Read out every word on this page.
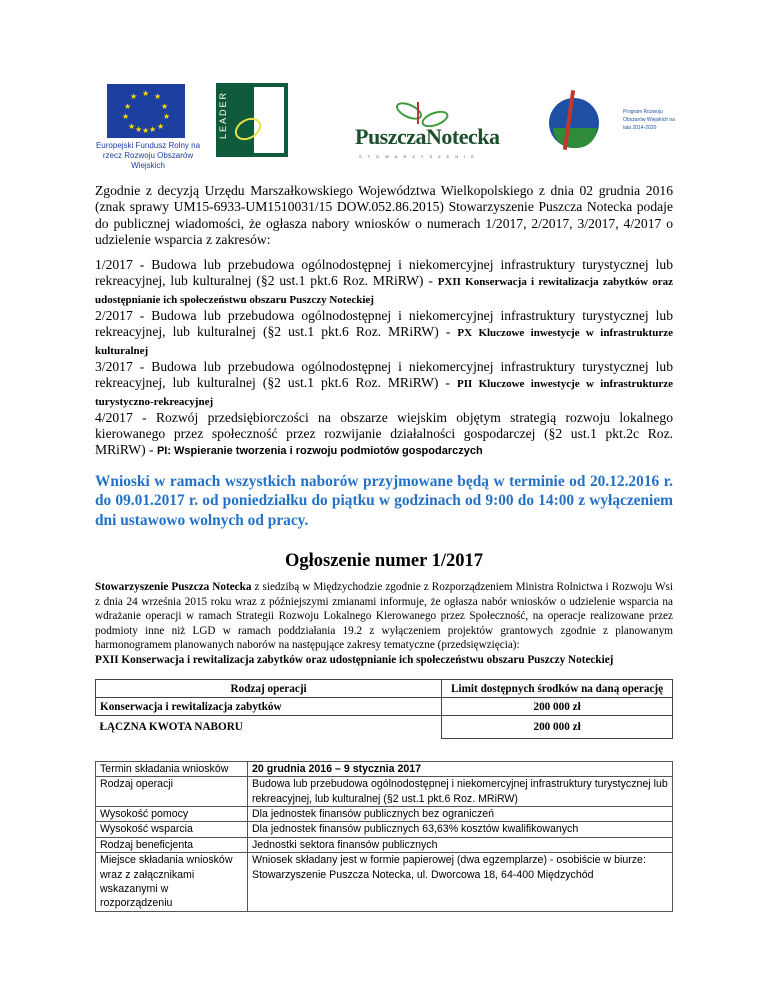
★ ★
★
★
★
★
★
★
★
★
★
★
Europejski Fundusz Rolny na rzecz Rozwoju Obszarów Wiejskich
LEADER	PuszczaNotecka
STOWARZYSZENIE
Program Rozwoju Obszarów Wiejskich na lata 2014-2020
Zgodnie z decyzją Urzędu Marszałkowskiego Województwa Wielkopolskiego z dnia 02 grudnia 2016 (znak sprawy UM15-6933-UM1510031/15 DOW.052.86.2015) Stowarzyszenie Puszcza Notecka podaje do publicznej wiadomości, że ogłasza nabory wniosków o numerach 1/2017, 2/2017, 3/2017, 4/2017 o udzielenie wsparcia z zakresów:
1/2017 - Budowa lub przebudowa ogólnodostępnej i niekomercyjnej infrastruktury turystycznej lub rekreacyjnej, lub kulturalnej (§2 ust.1 pkt.6 Roz. MRiRW) - PXII Konserwacja i rewitalizacja zabytków oraz udostępnianie ich społeczeństwu obszaru Puszczy Noteckiej
2/2017 - Budowa lub przebudowa ogólnodostępnej i niekomercyjnej infrastruktury turystycznej lub rekreacyjnej, lub kulturalnej (§2 ust.1 pkt.6 Roz. MRiRW) - PX Kluczowe inwestycje w infrastrukturze kulturalnej
3/2017 - Budowa lub przebudowa ogólnodostępnej i niekomercyjnej infrastruktury turystycznej lub rekreacyjnej, lub kulturalnej (§2 ust.1 pkt.6 Roz. MRiRW) - PII Kluczowe inwestycje w infrastrukturze turystyczno-rekreacyjnej
4/2017 - Rozwój przedsiębiorczości na obszarze wiejskim objętym strategią rozwoju lokalnego kierowanego przez społeczność przez rozwijanie działalności gospodarczej (§2 ust.1 pkt.2c Roz. MRiRW) - PI: Wspieranie tworzenia i rozwoju podmiotów gospodarczych
Wnioski w ramach wszystkich naborów przyjmowane będą w terminie od 20.12.2016 r. do 09.01.2017 r. od poniedziałku do piątku w godzinach od 9:00 do 14:00 z wyłączeniem dni ustawowo wolnych od pracy.
Ogłoszenie numer 1/2017
Stowarzyszenie Puszcza Notecka z siedzibą w Międzychodzie zgodnie z Rozporządzeniem Ministra Rolnictwa i Rozwoju Wsi z dnia 24 września 2015 roku wraz z późniejszymi zmianami informuje, że ogłasza nabór wniosków o udzielenie wsparcia na wdrażanie operacji w ramach Strategii Rozwoju Lokalnego Kierowanego przez Społeczność, na operacje realizowane przez podmioty inne niż LGD w ramach poddziałania 19.2 z wyłączeniem projektów grantowych zgodnie z planowanym harmonogramem planowanych naborów na następujące zakresy tematyczne (przedsięwzięcia):
PXII Konserwacja i rewitalizacja zabytków oraz udostępnianie ich społeczeństwu obszaru Puszczy Noteckiej
Rodzaj operacji	Limit dostępnych środków na daną operację
Konserwacja i rewitalizacja zabytków	200 000 zł
ŁĄCZNA KWOTA NABORU	200 000 zł
Termin składania wniosków	20 grudnia 2016 – 9 stycznia 2017
Rodzaj operacji	Budowa lub przebudowa ogólnodostępnej i niekomercyjnej infrastruktury turystycznej lub rekreacyjnej, lub kulturalnej (§2 ust.1 pkt.6 Roz. MRiRW)
Wysokość pomocy	Dla jednostek finansów publicznych bez ograniczeń
Wysokość wsparcia	Dla jednostek finansów publicznych 63,63% kosztów kwalifikowanych
Rodzaj beneficjenta	Jednostki sektora finansów publicznych
Miejsce składania wniosków wraz z załącznikami wskazanymi w rozporządzeniu	Wniosek składany jest w formie papierowej (dwa egzemplarze) - osobiście w biurze: Stowarzyszenie Puszcza Notecka, ul. Dworcowa 18, 64-400 Międzychód
